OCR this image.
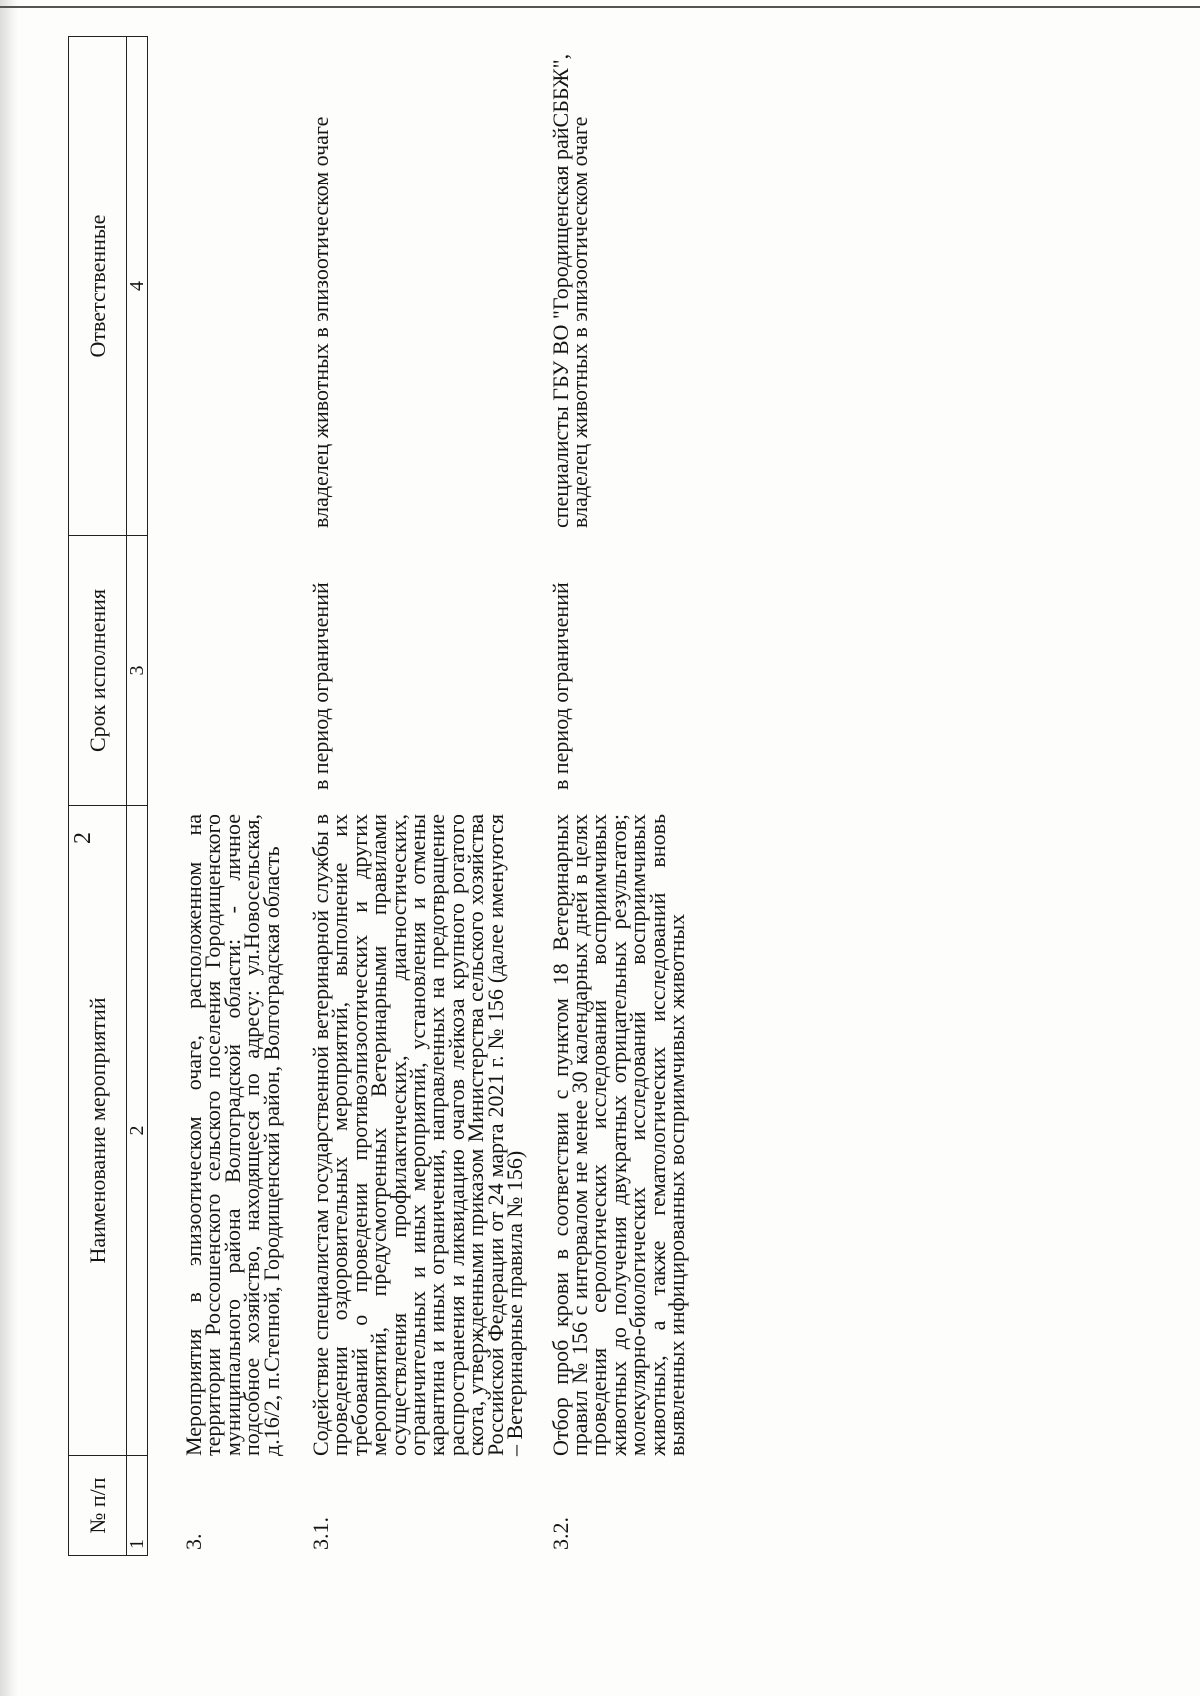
2
№ п/п
Наименование мероприятий
Срок исполнения
Ответственные
1
2
3
4
3.
Мероприятия в эпизоотическом очаге, расположенном на территории Россошенского сельского поселения Городищенского муниципального района Волгоградской области: - личное подсобное хозяйство, находящееся по адресу: ул.Новосельская, д.16/2, п.Степной, Городищенский район, Волгоградская область
3.1.
Содействие специалистам государственной ветеринарной службы в проведении оздоровительных мероприятий, выполнение их требований о проведении противоэпизоотических и других мероприятий, предусмотренных Ветеринарными правилами осуществления профилактических, диагностических, ограничительных и иных мероприятий, установления и отмены карантина и иных ограничений, направленных на предотвращение распространения и ликвидацию очагов лейкоза крупного рогатого скота, утвержденными приказом Министерства сельского хозяйства Российской Федерации от 24 марта 2021 г. № 156 (далее именуются – Ветеринарные правила № 156)
в период ограничений
владелец животных в эпизоотическом очаге
3.2.
Отбор проб крови в соответствии с пунктом 18 Ветеринарных правил № 156 с интервалом не менее 30 календарных дней в целях проведения серологических исследований восприимчивых животных до получения двукратных отрицательных результатов; молекулярно-биологических исследований восприимчивых животных, а также гематологических исследований вновь выявленных инфицированных восприимчивых животных
в период ограничений
специалисты ГБУ ВО "Городищенская райСББЖ", владелец животных в эпизоотическом очаге
